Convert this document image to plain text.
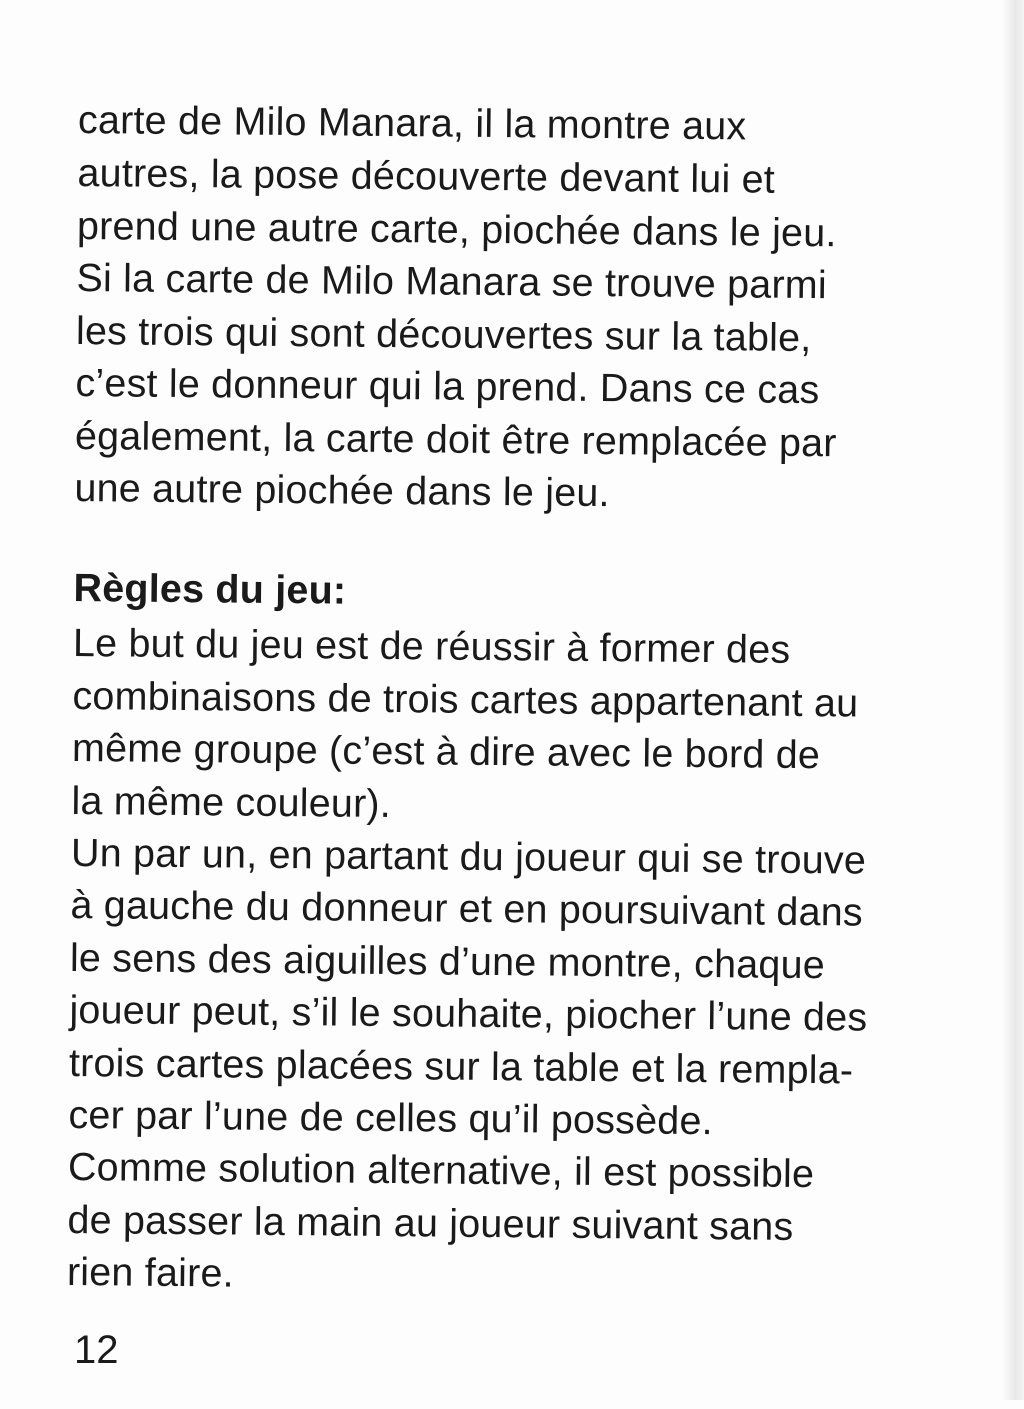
carte de Milo Manara, il la montre aux
autres, la pose découverte devant lui et
prend une autre carte, piochée dans le jeu.
Si la carte de Milo Manara se trouve parmi
les trois qui sont découvertes sur la table,
c’est le donneur qui la prend. Dans ce cas
également, la carte doit être remplacée par
une autre piochée dans le jeu.
Règles du jeu:
Le but du jeu est de réussir à former des
combinaisons de trois cartes appartenant au
même groupe (c’est à dire avec le bord de
la même couleur).
Un par un, en partant du joueur qui se trouve
à gauche du donneur et en poursuivant dans
le sens des aiguilles d’une montre, chaque
joueur peut, s’il le souhaite, piocher l’une des
trois cartes placées sur la table et la rempla-
cer par l’une de celles qu’il possède.
Comme solution alternative, il est possible
de passer la main au joueur suivant sans
rien faire.
12
